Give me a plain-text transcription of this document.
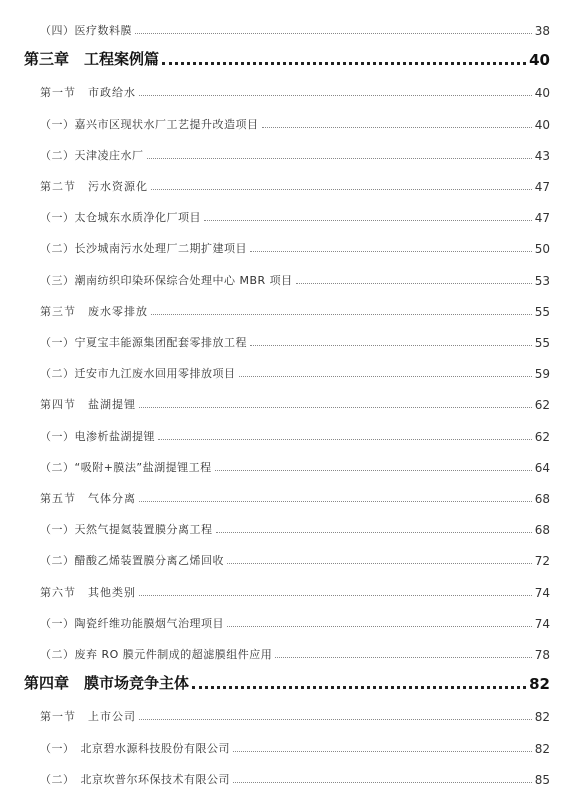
（四）医疗数料膜	38
第三章　工程案例篇	40
第一节　市政给水	40
（一）嘉兴市区现状水厂工艺提升改造项目	40
（二）天津凌庄水厂	43
第二节　污水资源化	47
（一）太仓城东水质净化厂项目	47
（二）长沙城南污水处理厂二期扩建项目	50
（三）潮南纺织印染环保综合处理中心 MBR 项目	53
第三节　废水零排放	55
（一）宁夏宝丰能源集团配套零排放工程	55
（二）迁安市九江废水回用零排放项目	59
第四节　盐湖提锂	62
（一）电渗析盐湖提锂	62
（二）“吸附+膜法”盐湖提锂工程	64
第五节　气体分离	68
（一）天然气提氦装置膜分离工程	68
（二）醋酸乙烯装置膜分离乙烯回收	72
第六节　其他类别	74
（一）陶瓷纤维功能膜烟气治理项目	74
（二）废弃 RO 膜元件制成的超滤膜组件应用	78
第四章　膜市场竞争主体	82
第一节　上市公司	82
（一）　北京碧水源科技股份有限公司	82
（二）　北京坎普尔环保技术有限公司	85
